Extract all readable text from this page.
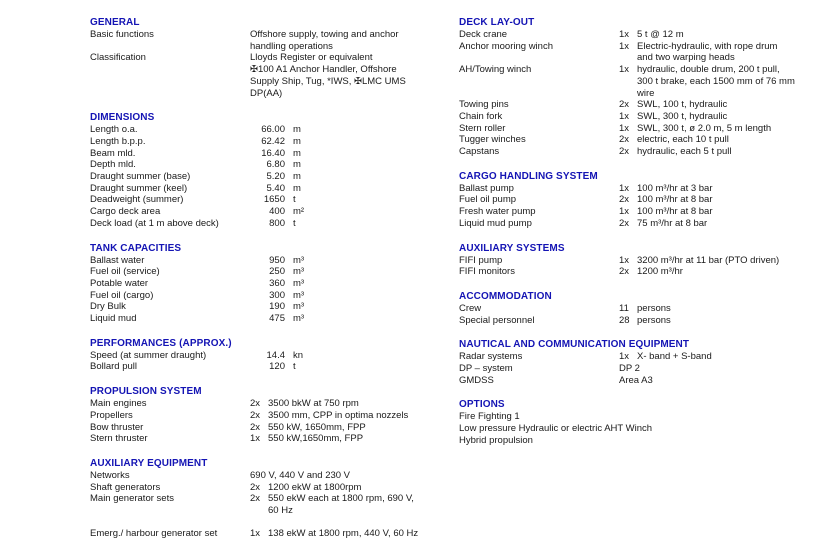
GENERAL
Basic functions	Offshore supply, towing and anchor
handling operations
Classification	Lloyds Register or equivalent
✠100 A1 Anchor Handler, Offshore
Supply Ship, Tug, *IWS, ✠LMC UMS
DP(AA)
DIMENSIONS
Length o.a.	66.00 m
Length b.p.p.	62.42 m
Beam mld.	16.40 m
Depth mld.	6.80 m
Draught summer (base)	5.20 m
Draught summer (keel)	5.40 m
Deadweight (summer)	1650 t
Cargo deck area	400 m²
Deck load (at 1 m above deck)	800 t
TANK CAPACITIES
Ballast water	950 m³
Fuel oil (service)	250 m³
Potable water	360 m³
Fuel oil (cargo)	300 m³
Dry Bulk	190 m³
Liquid mud	475 m³
PERFORMANCES (APPROX.)
Speed (at summer draught)	14.4 kn
Bollard pull	120 t
PROPULSION SYSTEM
Main engines	2x 3500 bkW at 750 rpm
Propellers	2x 3500 mm, CPP in optima nozzels
Bow thruster	2x 550 kW, 1650mm, FPP
Stern thruster	1x 550 kW,1650mm, FPP
AUXILIARY EQUIPMENT
Networks	690 V, 440 V and 230 V
Shaft generators	2x 1200 ekW at 1800rpm
Main generator sets	2x 550 ekW each at 1800 rpm, 690 V,
60 Hz
Emerg./ harbour generator set	1x 138 ekW at 1800 rpm, 440 V, 60 Hz
DECK LAY-OUT
Deck crane	1x 5 t @ 12 m
Anchor mooring winch	1x Electric-hydraulic, with rope drum
and two warping heads
AH/Towing winch	1x hydraulic, double drum, 200 t pull,
300 t brake, each 1500 mm of 76 mm
wire
Towing pins	2x SWL, 100 t, hydraulic
Chain fork	1x SWL, 300 t, hydraulic
Stern roller	1x SWL, 300 t, ø 2.0 m, 5 m length
Tugger winches	2x electric, each 10 t pull
Capstans	2x hydraulic, each 5 t pull
CARGO HANDLING SYSTEM
Ballast pump	1x 100 m³/hr at 3 bar
Fuel oil pump	2x 100 m³/hr at 8 bar
Fresh water pump	1x 100 m³/hr at 8 bar
Liquid mud pump	2x 75 m³/hr at 8 bar
AUXILIARY SYSTEMS
FIFI pump	1x 3200 m³/hr at 11 bar (PTO driven)
FIFI monitors	2x 1200 m³/hr
ACCOMMODATION
Crew	11 persons
Special personnel	28 persons
NAUTICAL AND COMMUNICATION EQUIPMENT
Radar systems	1x X- band + S-band
DP – system	DP 2
GMDSS	Area A3
OPTIONS
Fire Fighting 1
Low pressure Hydraulic or electric AHT Winch
Hybrid propulsion
